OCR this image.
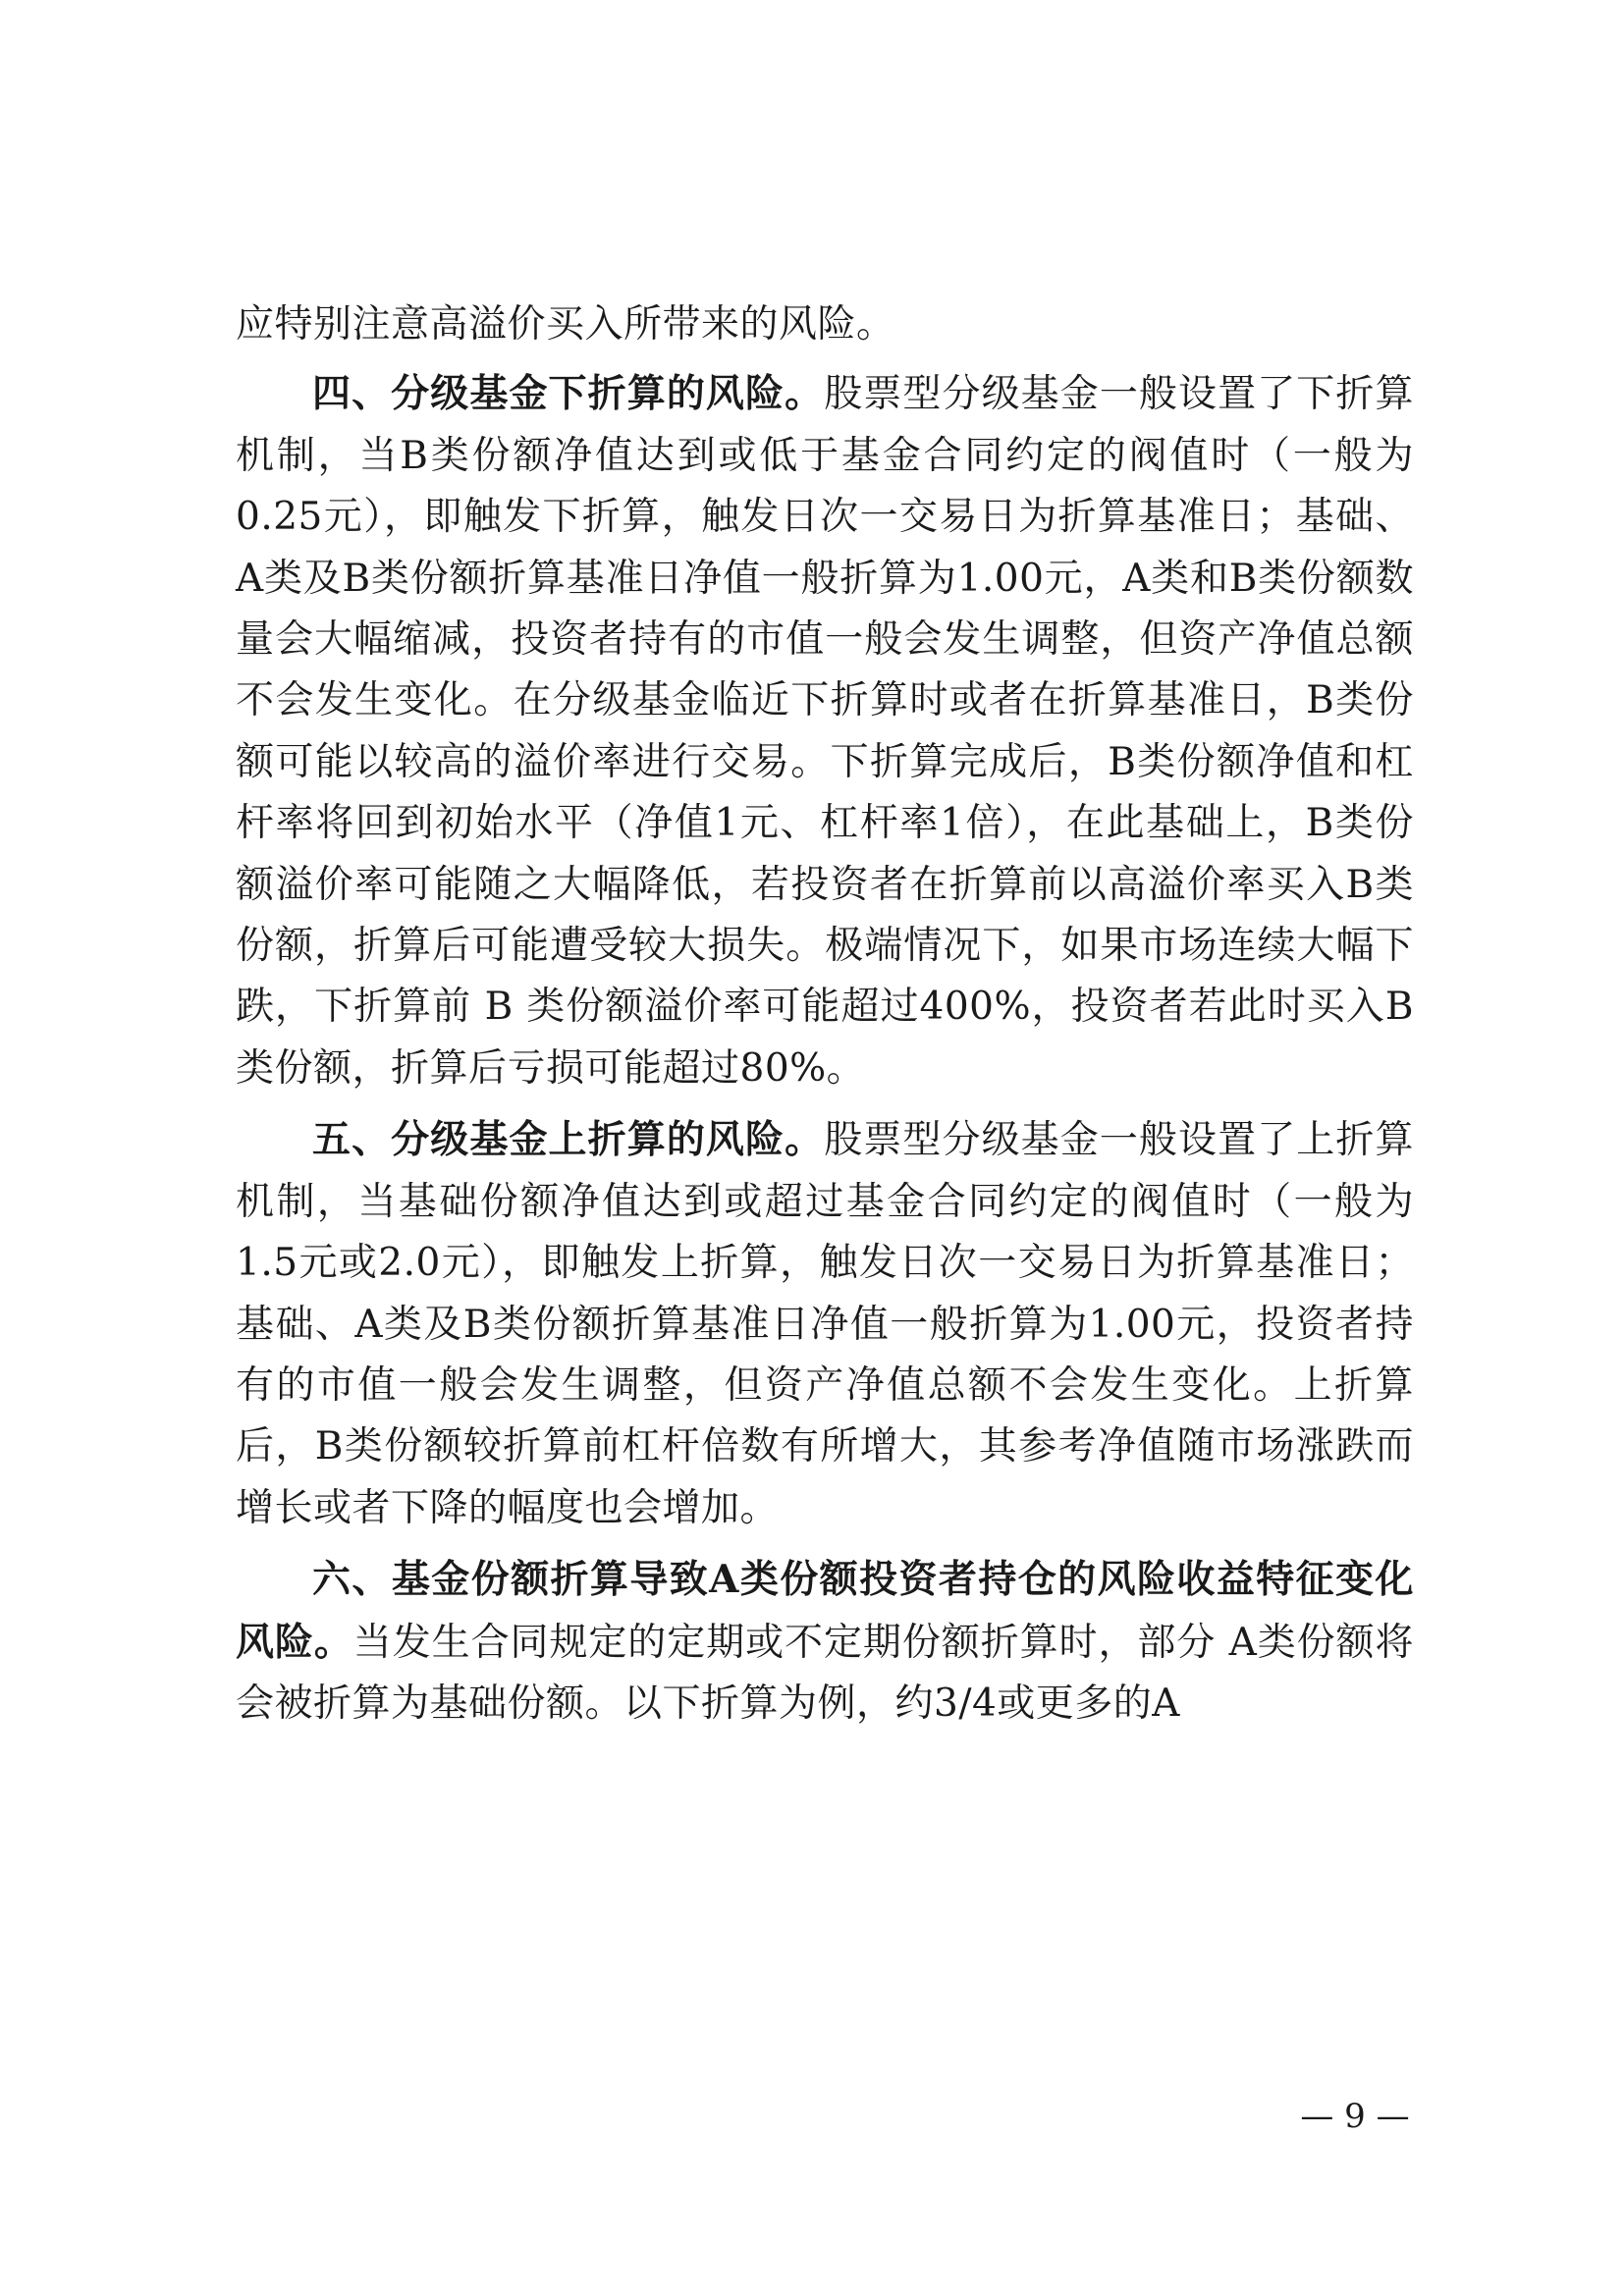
应特别注意高溢价买入所带来的风险。

四、分级基金下折算的风险。股票型分级基金一般设置了下折算机制，当B类份额净值达到或低于基金合同约定的阀值时（一般为0.25元），即触发下折算，触发日次一交易日为折算基准日；基础、A类及B类份额折算基准日净值一般折算为1.00元，A类和B类份额数量会大幅缩减，投资者持有的市值一般会发生调整，但资产净值总额不会发生变化。在分级基金临近下折算时或者在折算基准日，B类份额可能以较高的溢价率进行交易。下折算完成后，B类份额净值和杠杆率将回到初始水平（净值1元、杠杆率1倍），在此基础上，B类份额溢价率可能随之大幅降低，若投资者在折算前以高溢价率买入B类份额，折算后可能遭受较大损失。极端情况下，如果市场连续大幅下跌，下折算前 B 类份额溢价率可能超过400%，投资者若此时买入B类份额，折算后亏损可能超过80%。

五、分级基金上折算的风险。股票型分级基金一般设置了上折算机制，当基础份额净值达到或超过基金合同约定的阀值时（一般为1.5元或2.0元），即触发上折算，触发日次一交易日为折算基准日；基础、A类及B类份额折算基准日净值一般折算为1.00元，投资者持有的市值一般会发生调整，但资产净值总额不会发生变化。上折算后，B类份额较折算前杠杆倍数有所增大，其参考净值随市场涨跌而增长或者下降的幅度也会增加。

六、基金份额折算导致A类份额投资者持仓的风险收益特征变化风险。当发生合同规定的定期或不定期份额折算时，部分 A类份额将会被折算为基础份额。以下折算为例，约3/4或更多的A

— 9 —
